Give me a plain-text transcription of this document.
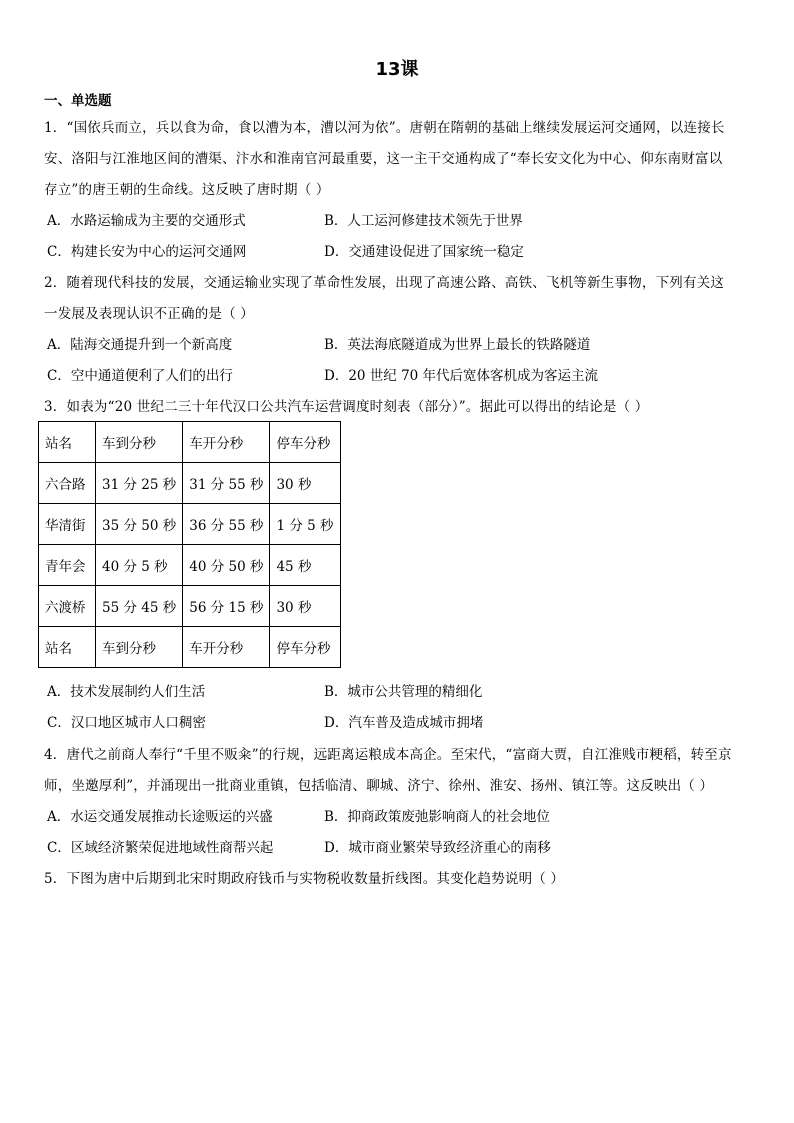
13课
一、单选题
1．“国依兵而立，兵以食为命，食以漕为本，漕以河为依”。唐朝在隋朝的基础上继续发展运河交通网，以连接长
安、洛阳与江淮地区间的漕渠、汴水和淮南官河最重要，这一主干交通构成了“奉长安文化为中心、仰东南财富以
存立”的唐王朝的生命线。这反映了唐时期（ ）
A．水路运输成为主要的交通形式	B．人工运河修建技术领先于世界
C．构建长安为中心的运河交通网	D．交通建设促进了国家统一稳定
2．随着现代科技的发展，交通运输业实现了革命性发展，出现了高速公路、高铁、飞机等新生事物，下列有关这
一发展及表现认识不正确的是（ ）
A．陆海交通提升到一个新高度	B．英法海底隧道成为世界上最长的铁路隧道
C．空中通道便利了人们的出行	D．20 世纪 70 年代后宽体客机成为客运主流
3．如表为“20 世纪二三十年代汉口公共汽车运营调度时刻表（部分）”。据此可以得出的结论是（ ）
站名	车到分秒	车开分秒	停车分秒
六合路	31 分 25 秒	31 分 55 秒	30 秒
华清街	35 分 50 秒	36 分 55 秒	1 分 5 秒
青年会	40 分 5 秒	40 分 50 秒	45 秒
六渡桥	55 分 45 秒	56 分 15 秒	30 秒
站名	车到分秒	车开分秒	停车分秒
A．技术发展制约人们生活	B．城市公共管理的精细化
C．汉口地区城市人口稠密	D．汽车普及造成城市拥堵
4．唐代之前商人奉行“千里不贩籴”的行规，远距离运粮成本高企。至宋代，“富商大贾，自江淮贱市粳稻，转至京
师，坐邀厚利”，并涌现出一批商业重镇，包括临清、聊城、济宁、徐州、淮安、扬州、镇江等。这反映出（ ）
A．水运交通发展推动长途贩运的兴盛	B．抑商政策废弛影响商人的社会地位
C．区域经济繁荣促进地域性商帮兴起	D．城市商业繁荣导致经济重心的南移
5．下图为唐中后期到北宋时期政府钱币与实物税收数量折线图。其变化趋势说明（ ）
